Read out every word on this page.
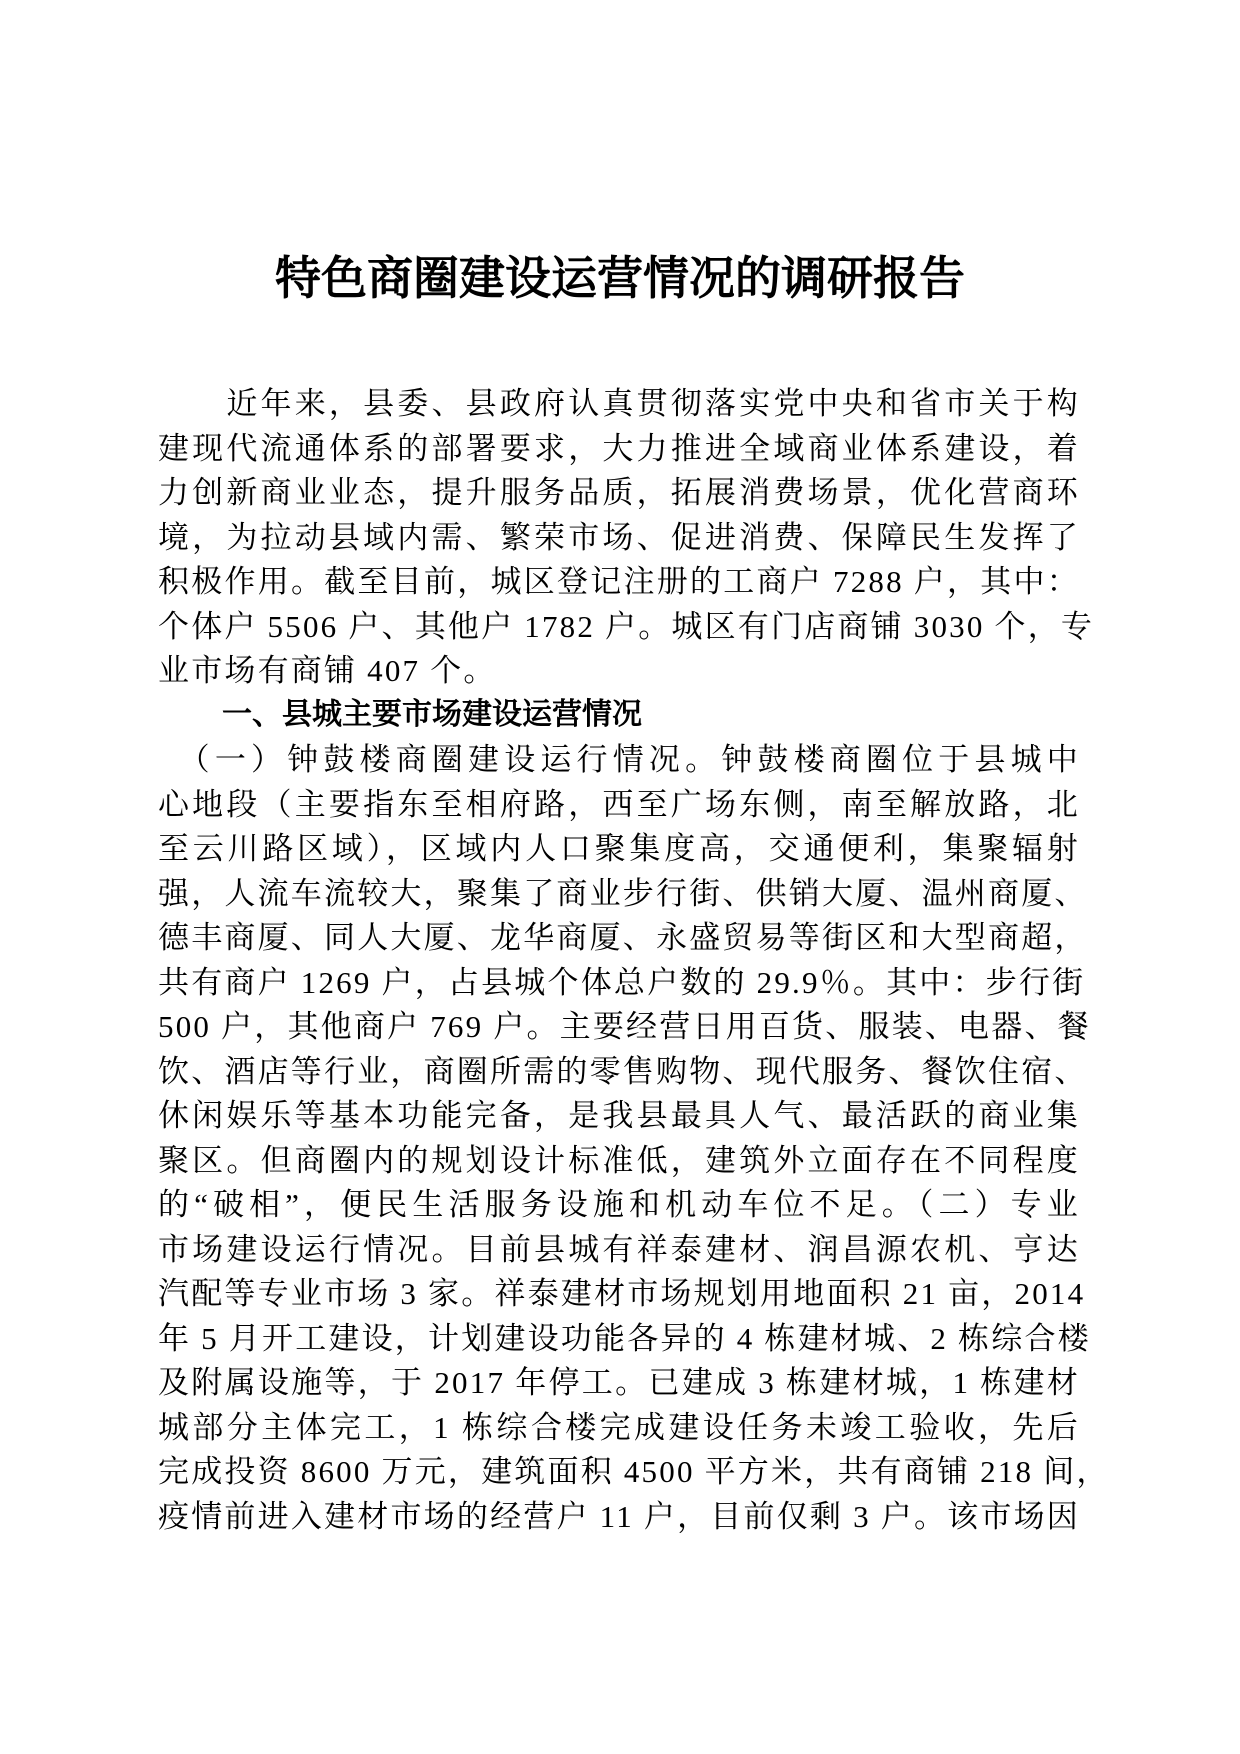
特色商圈建设运营情况的调研报告
　　近年来，县委、县政府认真贯彻落实党中央和省市关于构
建现代流通体系的部署要求，大力推进全域商业体系建设，着
力创新商业业态，提升服务品质，拓展消费场景，优化营商环
境，为拉动县域内需、繁荣市场、促进消费、保障民生发挥了
积极作用。截至目前，城区登记注册的工商户 7288 户，其中：
个体户 5506 户、其他户 1782 户。城区有门店商铺 3030 个，专
业市场有商铺 407 个。
一、县城主要市场建设运营情况
　（一）钟鼓楼商圈建设运行情况。钟鼓楼商圈位于县城中
心地段（主要指东至相府路，西至广场东侧，南至解放路，北
至云川路区域），区域内人口聚集度高，交通便利，集聚辐射
强，人流车流较大，聚集了商业步行街、供销大厦、温州商厦、
德丰商厦、同人大厦、龙华商厦、永盛贸易等街区和大型商超，
共有商户 1269 户，占县城个体总户数的 29.9％。其中：步行街
500 户，其他商户 769 户。主要经营日用百货、服装、电器、餐
饮、酒店等行业，商圈所需的零售购物、现代服务、餐饮住宿、
休闲娱乐等基本功能完备，是我县最具人气、最活跃的商业集
聚区。但商圈内的规划设计标准低，建筑外立面存在不同程度
的“破相”，便民生活服务设施和机动车位不足。（二）专业
市场建设运行情况。目前县城有祥泰建材、润昌源农机、亨达
汽配等专业市场 3 家。祥泰建材市场规划用地面积 21 亩，2014
年 5 月开工建设，计划建设功能各异的 4 栋建材城、2 栋综合楼
及附属设施等，于 2017 年停工。已建成 3 栋建材城，1 栋建材
城部分主体完工，1 栋综合楼完成建设任务未竣工验收，先后
完成投资 8600 万元，建筑面积 4500 平方米，共有商铺 218 间，
疫情前进入建材市场的经营户 11 户，目前仅剩 3 户。该市场因
